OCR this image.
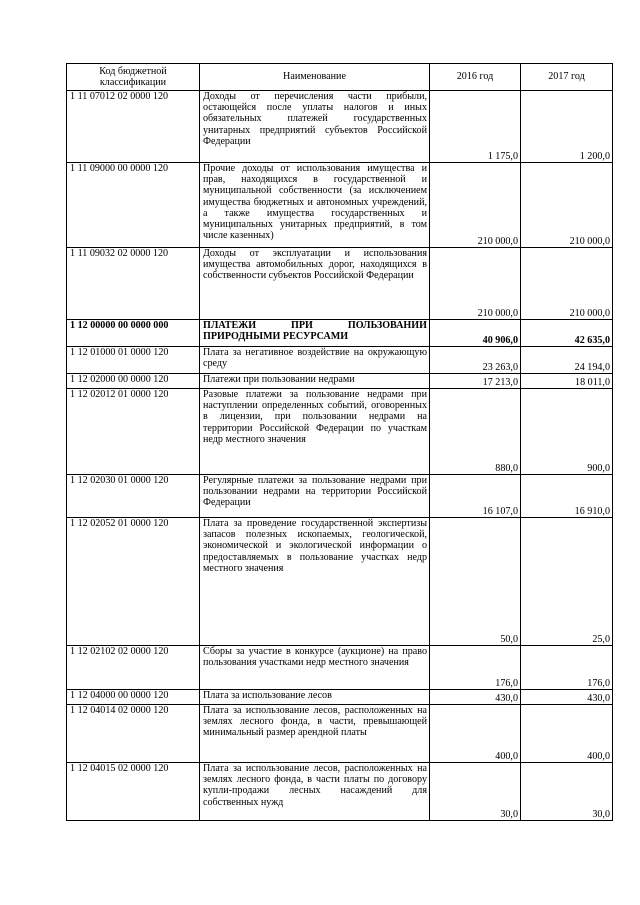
Код бюджетной классификации	Наименование	2016 год	2017 год
1 11 07012 02 0000 120	Доходы от перечисления части прибыли, остающейся после уплаты налогов и иных обязательных платежей государственных унитарных предприятий субъектов Российской Федерации	1 175,0	1 200,0
1 11 09000 00 0000 120	Прочие доходы от использования имущества и прав, находящихся в государственной и муниципальной собственности (за исключением имущества бюджетных и автономных учреждений, а также имущества государственных и муниципальных унитарных предприятий, в том числе казенных)	210 000,0	210 000,0
1 11 09032 02 0000 120	Доходы от эксплуатации и использования имущества автомобильных дорог, находящихся в собственности субъектов Российской Федерации	210 000,0	210 000,0
1 12 00000 00 0000 000	ПЛАТЕЖИ ПРИ ПОЛЬЗОВАНИИ ПРИРОДНЫМИ РЕСУРСАМИ	40 906,0	42 635,0
1 12 01000 01 0000 120	Плата за негативное воздействие на окружающую среду	23 263,0	24 194,0
1 12 02000 00 0000 120	Платежи при пользовании недрами	17 213,0	18 011,0
1 12 02012 01 0000 120	Разовые платежи за пользование недрами при наступлении определенных событий, оговоренных в лицензии, при пользовании недрами на территории Российской Федерации по участкам недр местного значения	880,0	900,0
1 12 02030 01 0000 120	Регулярные платежи за пользование недрами при пользовании недрами на территории Российской Федерации	16 107,0	16 910,0
1 12 02052 01 0000 120	Плата за проведение государственной экспертизы запасов полезных ископаемых, геологической, экономической и экологической информации о предоставляемых в пользование участках недр местного значения	50,0	25,0
1 12 02102 02 0000 120	Сборы за участие в конкурсе (аукционе) на право пользования участками недр местного значения	176,0	176,0
1 12 04000 00 0000 120	Плата за использование лесов	430,0	430,0
1 12 04014 02 0000 120	Плата за использование лесов, расположенных на землях лесного фонда, в части, превышающей минимальный размер арендной платы	400,0	400,0
1 12 04015 02 0000 120	Плата за использование лесов, расположенных на землях лесного фонда, в части платы по договору купли-продажи лесных насаждений для собственных нужд	30,0	30,0
